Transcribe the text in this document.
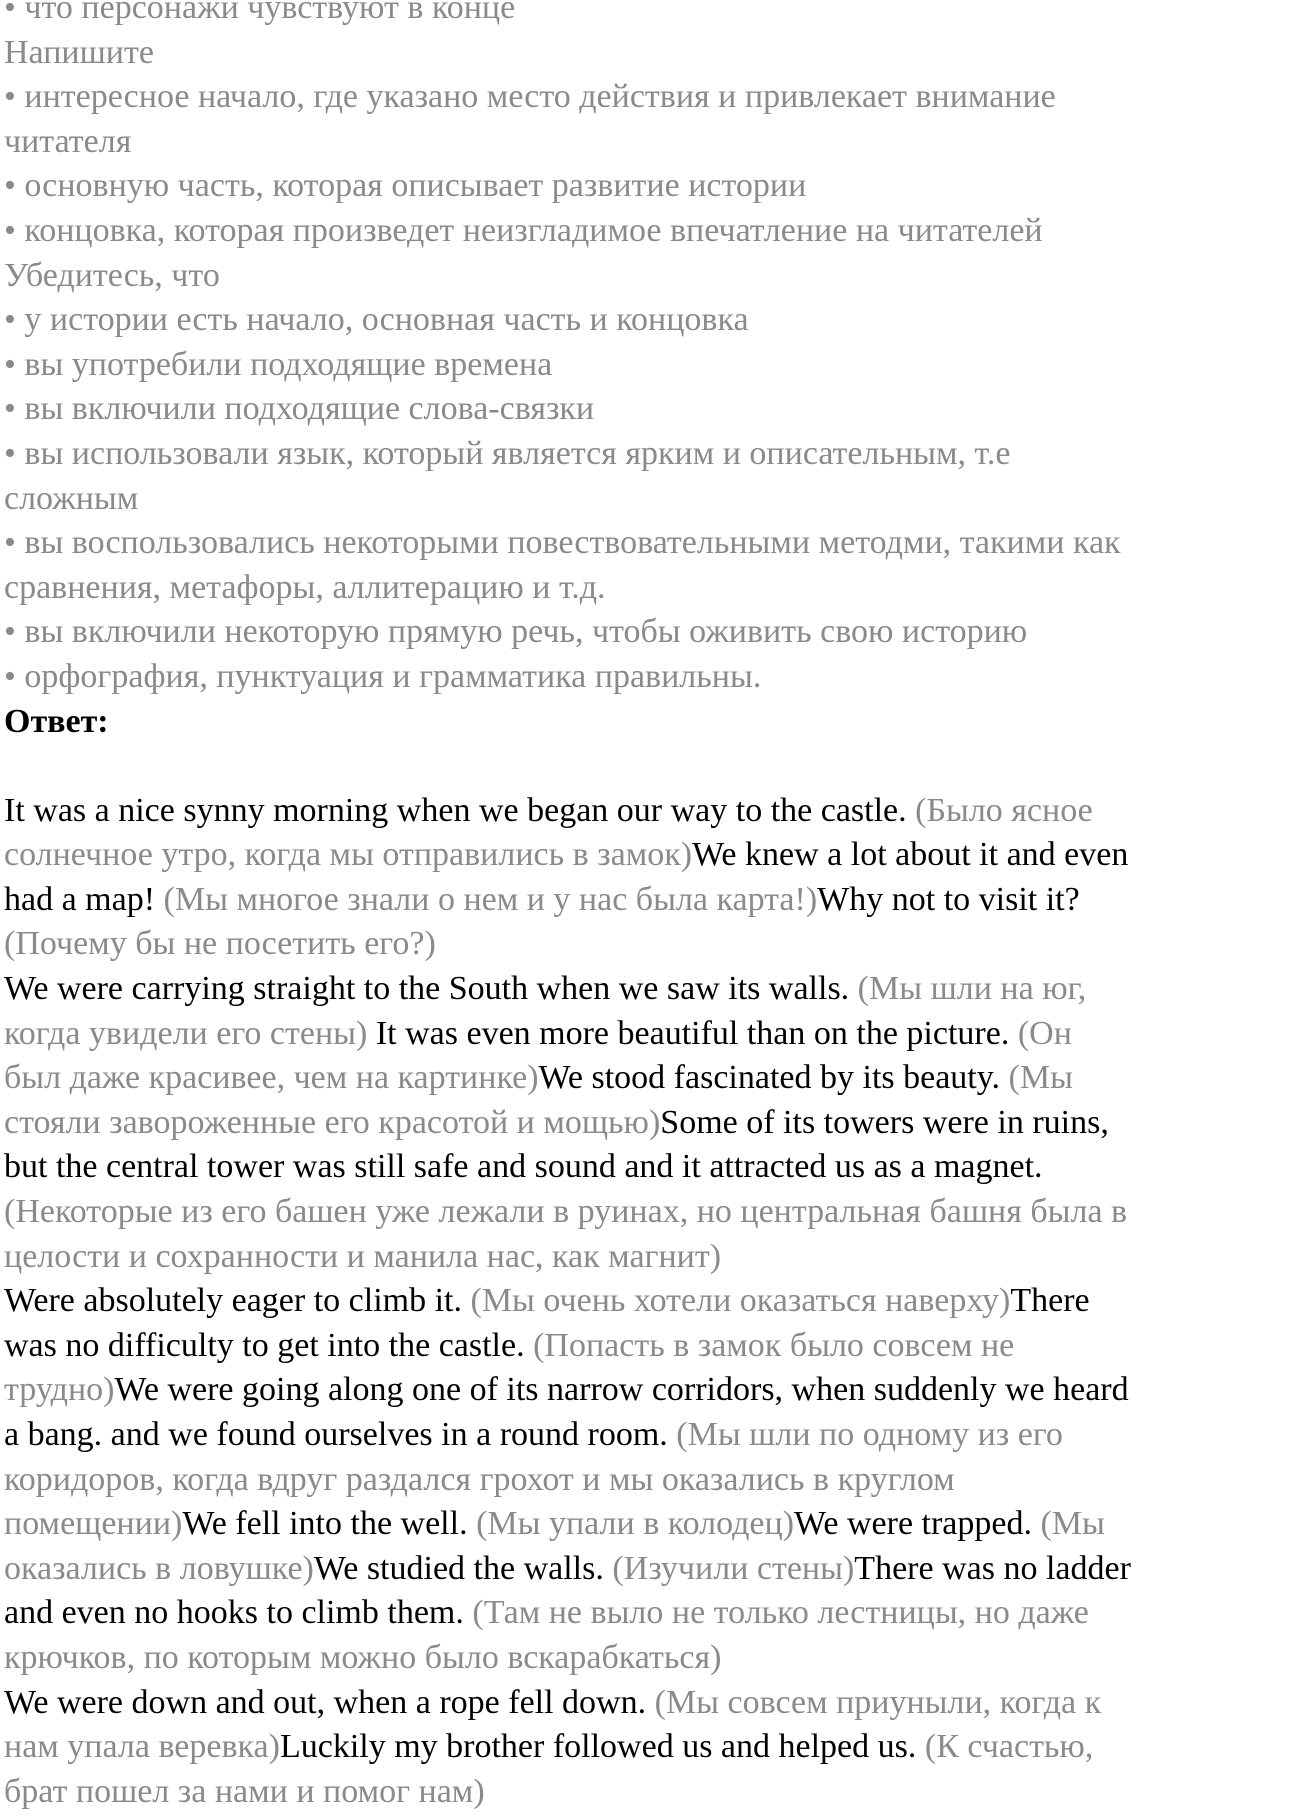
• что персонажи чувствуют в конце
Напишите
• интересное начало, где указано место действия и привлекает внимание
читателя
• основную часть, которая описывает развитие истории
• концовка, которая произведет неизгладимое впечатление на читателей
Убедитесь, что
• у истории есть начало, основная часть и концовка
• вы употребили подходящие времена
• вы включили подходящие слова-связки
• вы использовали язык, который является ярким и описательным, т.е
сложным
• вы воспользовались некоторыми повествовательными методми, такими как
сравнения, метафоры, аллитерацию и т.д.
• вы включили некоторую прямую речь, чтобы оживить свою историю
• орфография, пунктуация и грамматика правильны.
Ответ:
It was a nice synny morning when we began our way to the castle. (Было ясное
солнечное утро, когда мы отправились в замок)We knew a lot about it and even
had a map! (Мы многое знали о нем и у нас была карта!)Why not to visit it?
(Почему бы не посетить его?)
We were carrying straight to the South when we saw its walls. (Мы шли на юг,
когда увидели его стены) It was even more beautiful than on the picture. (Он
был даже красивее, чем на картинке)We stood fascinated by its beauty. (Мы
стояли завороженные его красотой и мощью)Some of its towers were in ruins,
but the central tower was still safe and sound and it attracted us as a magnet.
(Некоторые из его башен уже лежали в руинах, но центральная башня была в
целости и сохранности и манила нас, как магнит)
Were absolutely eager to climb it. (Мы очень хотели оказаться наверху)There
was no difficulty to get into the castle. (Попасть в замок было совсем не
трудно)We were going along one of its narrow corridors, when suddenly we heard
a bang. and we found ourselves in a round room. (Мы шли по одному из его
коридоров, когда вдруг раздался грохот и мы оказались в круглом
помещении)We fell into the well. (Мы упали в колодец)We were trapped. (Мы
оказались в ловушке)We studied the walls. (Изучили стены)There was no ladder
and even no hooks to climb them. (Там не выло не только лестницы, но даже
крючков, по которым можно было вскарабкаться)
We were down and out, when a rope fell down. (Мы совсем приуныли, когда к
нам упала веревка)Luckily my brother followed us and helped us. (К счастью,
брат пошел за нами и помог нам)
